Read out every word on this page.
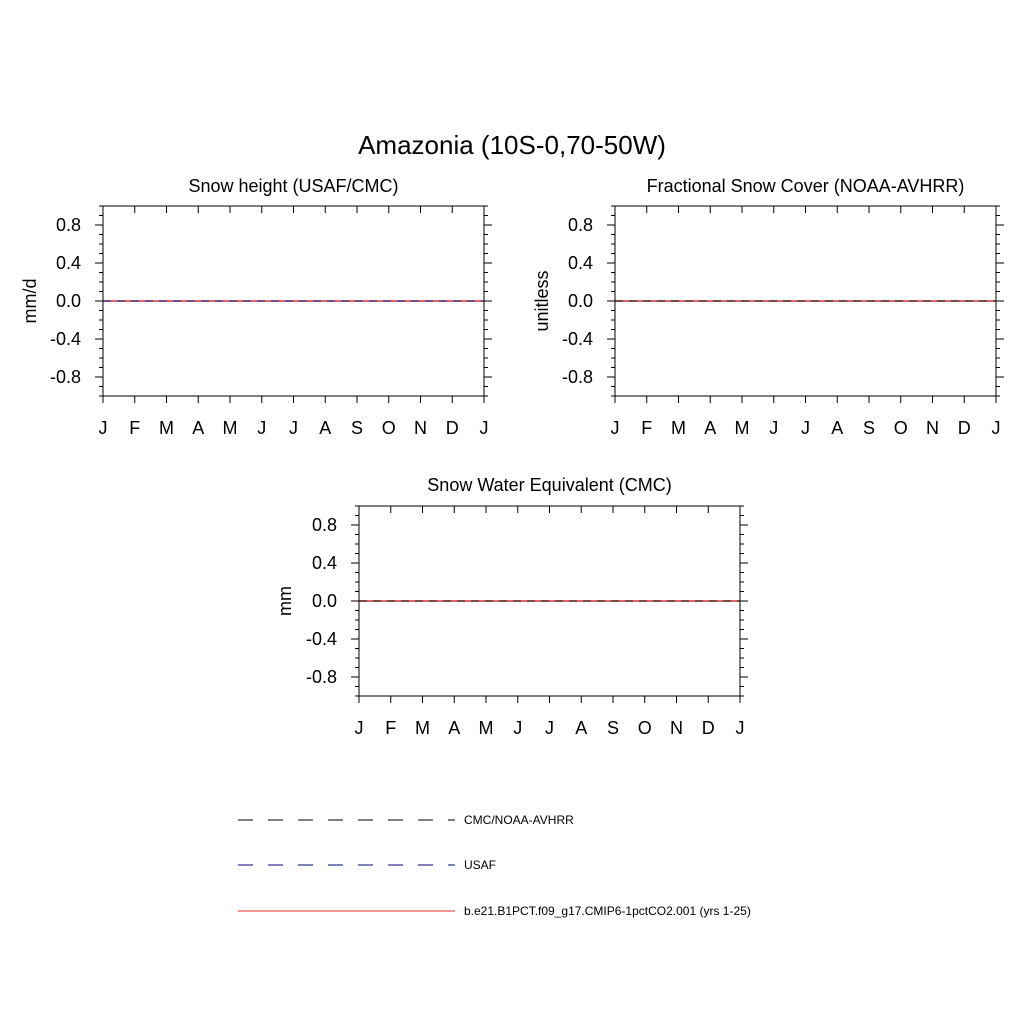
Amazonia (10S-0,70-50W)
Snow height (USAF/CMC)
mm/d
J F M A M J J A S O N D J
0.8
0.4
0.0
-0.4
-0.8
Fractional Snow Cover (NOAA-AVHRR)
unitless
J F M A M J J A S O N D J
0.8
0.4
0.0
-0.4
-0.8
Snow Water Equivalent (CMC)
mm
J F M A M J J A S O N D J
0.8
0.4
0.0
-0.4
-0.8
CMC/NOAA-AVHRR
USAF
b.e21.B1PCT.f09_g17.CMIP6-1pctCO2.001 (yrs 1-25)
